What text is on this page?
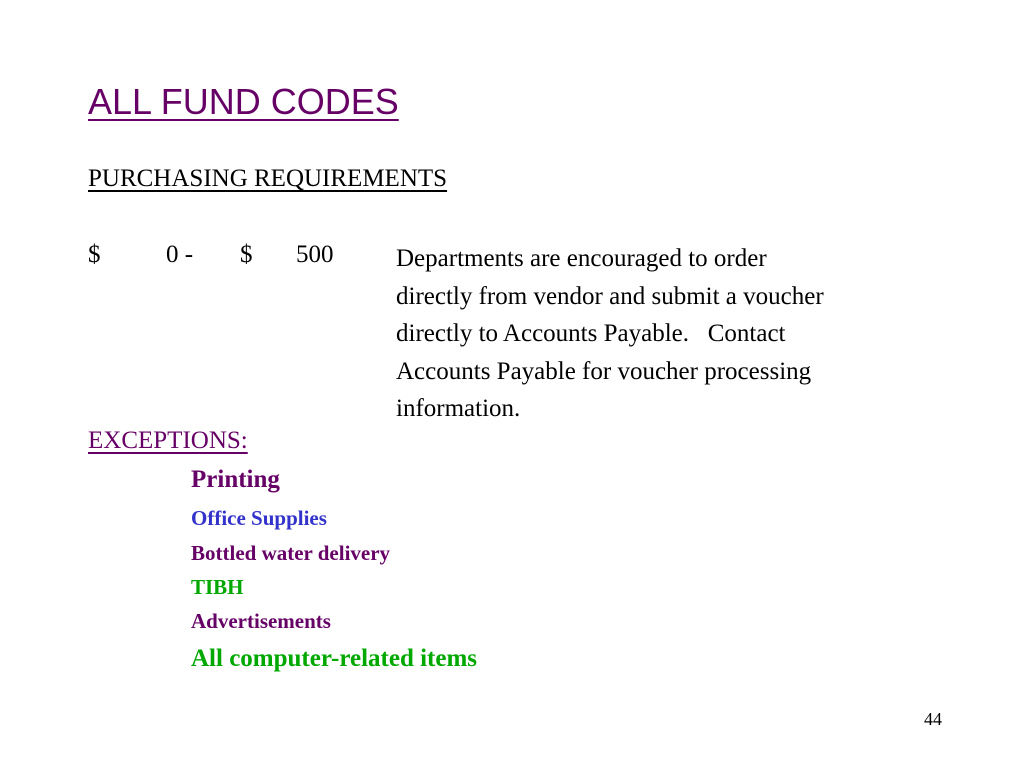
ALL FUND CODES
PURCHASING REQUIREMENTS
$	0 - $ 500	Departments are encouraged to order
directly from vendor and submit a voucher
directly to Accounts Payable.   Contact
Accounts Payable for voucher processing
information.
EXCEPTIONS:
Printing
Office Supplies
Bottled water delivery
TIBH
Advertisements
All computer-related items
44
